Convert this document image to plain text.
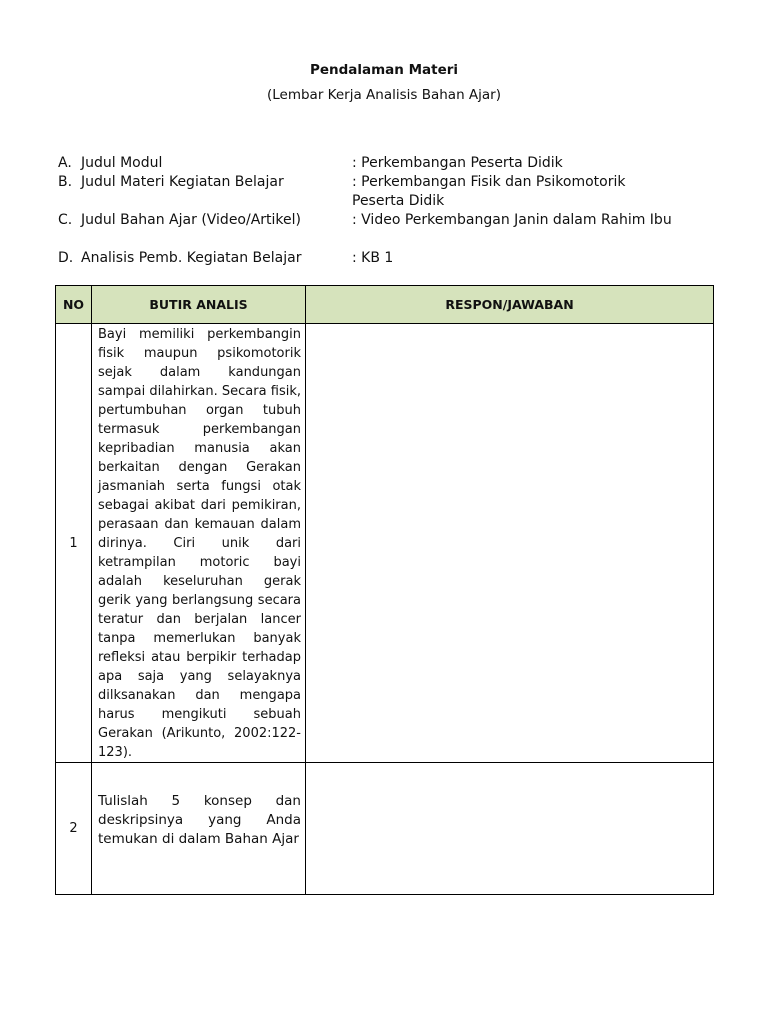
Pendalaman Materi
(Lembar Kerja Analisis Bahan Ajar)
A. Judul Modul	: Perkembangan Peserta Didik
B. Judul Materi Kegiatan Belajar	: Perkembangan Fisik dan Psikomotorik Peserta Didik
C. Judul Bahan Ajar (Video/Artikel)	: Video Perkembangan Janin dalam Rahim Ibu
D. Analisis Pemb. Kegiatan Belajar	: KB 1
NO	BUTIR ANALIS	RESPON/JAWABAN
1	Bayi memiliki perkembangin fisik maupun psikomotorik sejak dalam kandungan sampai dilahirkan. Secara fisik, pertumbuhan organ tubuh termasuk perkembangan kepribadian manusia akan berkaitan dengan Gerakan jasmaniah serta fungsi otak sebagai akibat dari pemikiran, perasaan dan kemauan dalam dirinya. Ciri unik dari ketrampilan motoric bayi adalah keseluruhan gerak gerik yang berlangsung secara teratur dan berjalan lancer tanpa memerlukan banyak refleksi atau berpikir terhadap apa saja yang selayaknya dilksanakan dan mengapa harus mengikuti sebuah Gerakan (Arikunto, 2002:122-123).	

2	Tulislah 5 konsep dan deskripsinya yang Anda temukan di dalam Bahan Ajar	
